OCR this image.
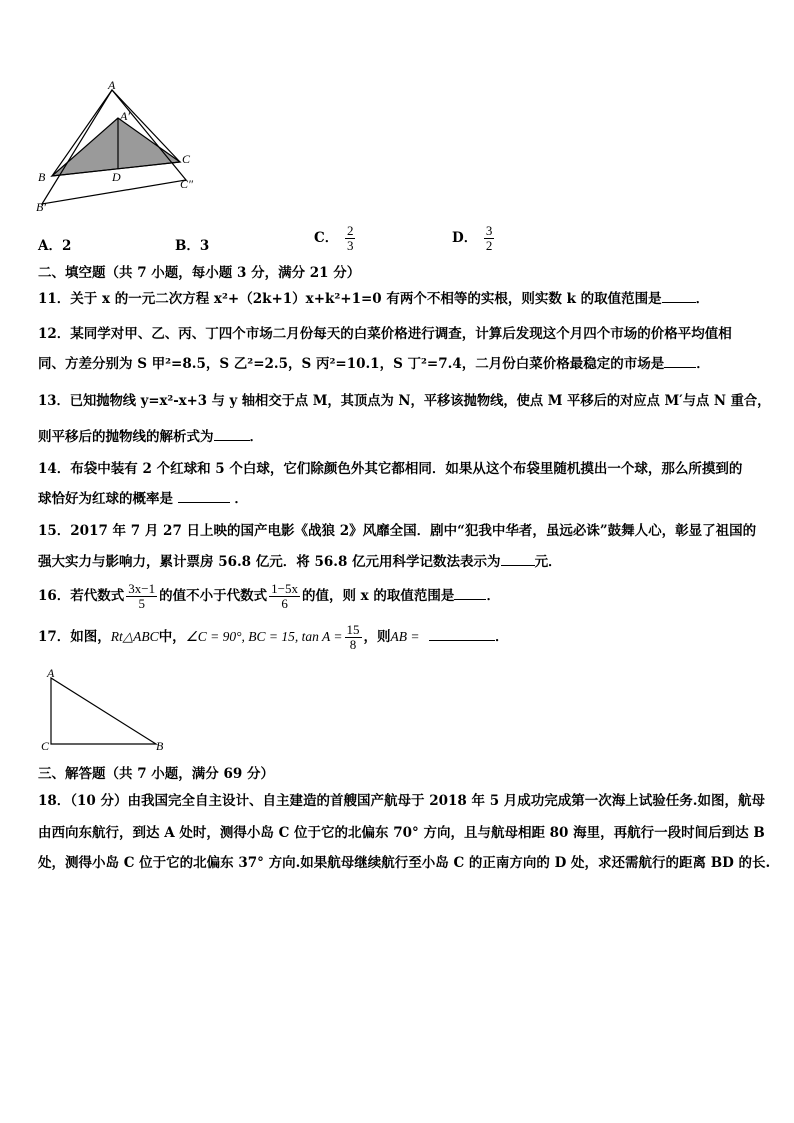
A
A′
B
B′
C
C″
D
A．2	B．3	C． $\frac{2}{3}$	D． $\frac{3}{2}$
二、填空题（共 7 小题，每小题 3 分，满分 21 分）
11．关于 x 的一元二次方程 x²+（2k+1）x+k²+1=0 有两个不相等的实根，则实数 k 的取值范围是	．
12．某同学对甲、乙、丙、丁四个市场二月份每天的白菜价格进行调查，计算后发现这个月四个市场的价格平均值相
同、方差分别为 S 甲²=8.5，S 乙²=2.5，S 丙²=10.1，S 丁²=7.4，二月份白菜价格最稳定的市场是 ．
13．已知抛物线 y=x²-x+3 与 y 轴相交于点 M，其顶点为 N，平移该抛物线，使点 M 平移后的对应点 M′与点 N 重合，
则平移后的抛物线的解析式为	．
14．布袋中装有 2 个红球和 5 个白球，它们除颜色外其它都相同．如果从这个布袋里随机摸出一个球，那么所摸到的
球恰好为红球的概率是	．
15．2017 年 7 月 27 日上映的国产电影《战狼 2》风靡全国．剧中“犯我中华者，虽远必诛”鼓舞人心，彰显了祖国的
强大实力与影响力，累计票房 56.8 亿元．将 56.8 亿元用科学记数法表示为	元．
16．若代数式 $\frac{3x-1}{5}$ 的值不小于代数式 $\frac{1-5x}{6}$ 的值，则 x 的取值范围是 ．
17．如图，Rt△ABC中，∠C = 90°, BC = 15, $\tan A = \frac{15}{8}$ ，则AB =	．
A
C	B
三、解答题（共 7 小题，满分 69 分）
18．（10 分）由我国完全自主设计、自主建造的首艘国产航母于 2018 年 5 月成功完成第一次海上试验任务.如图，航母
由西向东航行，到达 A 处时，测得小岛 C 位于它的北偏东 70° 方向，且与航母相距 80 海里，再航行一段时间后到达 B
处，测得小岛 C 位于它的北偏东 37° 方向.如果航母继续航行至小岛 C 的正南方向的 D 处，求还需航行的距离 BD 的长.
